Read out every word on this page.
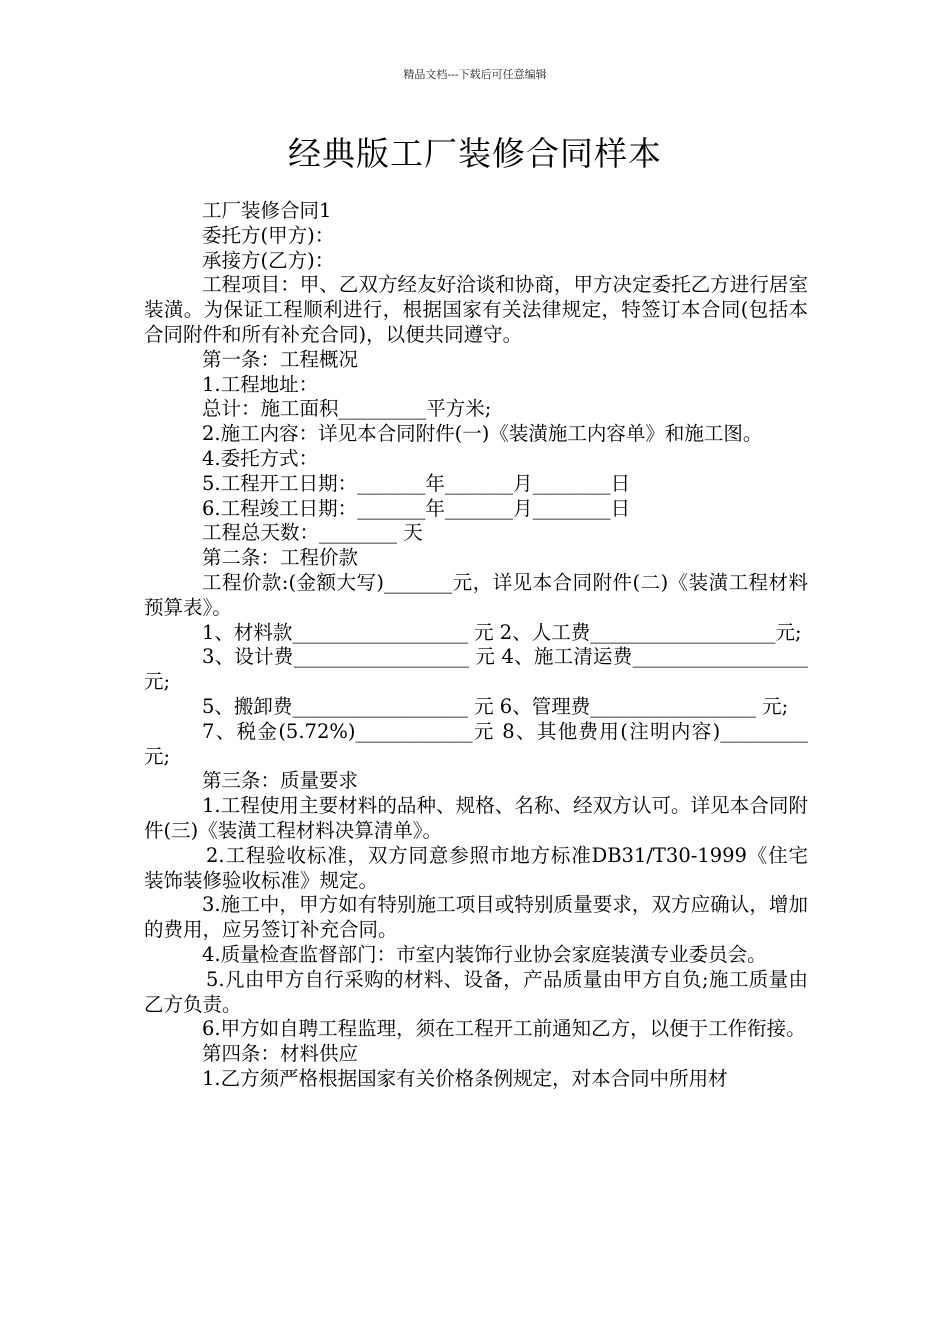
精品文档---下载后可任意编辑
经典版工厂装修合同样本

工厂装修合同1

委托方(甲方)：

承接方(乙方)：

工程项目：甲、乙双方经友好洽谈和协商，甲方决定委托乙方进行居室装潢。为保证工程顺利进行，根据国家有关法律规定，特签订本合同(包括本合同附件和所有补充合同)，以便共同遵守。

第一条：工程概况

1.工程地址：

总计：施工面积_________平方米;

2.施工内容：详见本合同附件(一)《装潢施工内容单》和施工图。

4.委托方式：

5.工程开工日期：_______年_______月________日

6.工程竣工日期：_______年_______月________日

工程总天数：________ 天

第二条：工程价款

工程价款:(金额大写)_______元，详见本合同附件(二)《装潢工程材料预算表》。

1、材料款__________________ 元 2、人工费___________________元;

3、设计费__________________ 元 4、施工清运费__________________ 元;

5、搬卸费__________________ 元 6、管理费_________________ 元;

7、税金(5.72%)____________元 8、其他费用(注明内容)_________元;

第三条：质量要求

1.工程使用主要材料的品种、规格、名称、经双方认可。详见本合同附件(三)《装潢工程材料决算清单》。

2.工程验收标准，双方同意参照市地方标准DB31/T30-1999《住宅装饰装修验收标准》规定。

3.施工中，甲方如有特别施工项目或特别质量要求，双方应确认，增加的费用，应另签订补充合同。

4.质量检查监督部门：市室内装饰行业协会家庭装潢专业委员会。

5.凡由甲方自行采购的材料、设备，产品质量由甲方自负;施工质量由乙方负责。

6.甲方如自聘工程监理，须在工程开工前通知乙方，以便于工作衔接。

第四条：材料供应

1.乙方须严格根据国家有关价格条例规定，对本合同中所用材
